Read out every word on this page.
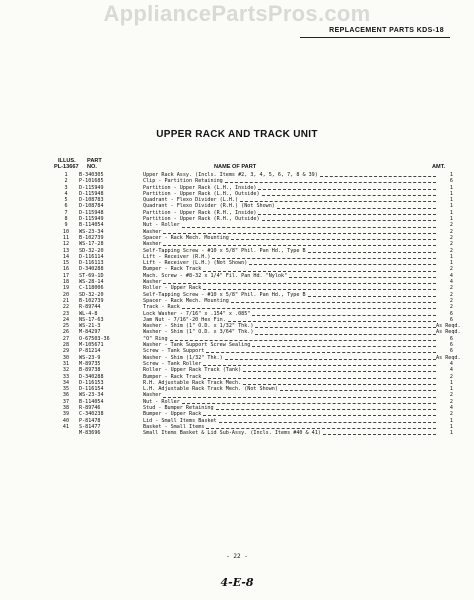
AppliancePartsPros.com
REPLACEMENT PARTS KDS-18
UPPER RACK AND TRACK UNIT
ILLUS.
PL-13667
PART
NO.	NAME OF PART	AMT.
1	B-340305	Upper Rack Assy. (Incls. Items #2, 3, 4, 5, 6, 7, 8 & 39)	1
2	P-101685	Clip - Partition Retaining	6
3	D-115949	Partition - Upper Rack (L.H., Inside)	1
4	D-115948	Partition - Upper Rack (L.H., Outside)	1
5	D-108783	Quadrant - Flexo Divider (L.H.)	1
6	D-108784	Quadrant - Flexo Divider (R.H.) (Not Shown)	1
7	D-115948	Partition - Upper Rack (R.H., Inside)	1
8	D-115949	Partition - Upper Rack (R.H., Outside)	1
9	B-114054	Nut - Roller	2
10	WS-23-34	Washer	2
11	B-102739	Spacer - Rack Mech. Mounting	2
12	WS-17-28	Washer	2
13	SD-32-20	Self-Tapping Screw - #10 x 5/8" Phil. Pan Hd., Type B	2
14	D-116114	Lift - Receiver (R.H.)	1
15	D-116113	Lift - Receiver (L.H.) (Not Shown)	1
16	D-340288	Bumper - Rack Track	2
17	ST-69-1D	Mach. Screw - #8-32 x 1/4" Fil. Pan Hd. "Nylok"	4
18	WS-28-14	Washer	4
19	C-118006	Roller - Upper Rack	2
20	SD-32-20	Self-Tapping Screw - #10 x 5/8" Phil. Pan Hd., Type B	2
21	B-102739	Spacer - Rack Mech. Mounting	2
22	R-89744	Track - Rack	2
23	WL-4-8	Lock Washer - 7/16" x .154" x .085"	6
24	NS-17-63	Jam Nut - 7/16"-20 Hex Fin.	6
25	WS-21-3	Washer - Shim (1" O.D. x 1/32" Thk.)	As Reqd.
26	M-84297	Washer - Shim (1" O.D. x 3/64" Thk.)	As Reqd.
27	O-67503-36	"O" Ring	6
28	M-105671	Washer - Tank Support Screw Sealing	6
29	P-81214	Screw - Tank Support	6
30	WS-23-9	Washer - Shim (1/32" Thk.)	As Reqd.
31	M-89735	Screw - Tank Roller	4
32	B-89738	Roller - Upper Rack Track (Tank)	4
33	D-340288	Bumper - Rack Track	2
34	D-116153	R.H. Adjustable Rack Track Mech.	1
35	D-116154	L.H. Adjustable Rack Track Mech. (Not Shown)	1
36	WS-23-34	Washer	2
37	B-114054	Nut - Roller	2
38	R-89746	Stud - Bumper Retaining	4
39	C-340238	Bumper - Upper Rack	2
40	P-81478	Lid - Small Items Basket	1
41	S-81477	Basket - Small Items	1
	M-83696	Small Items Basket & Lid Sub-Assy. (Incls. Items #40 & 41)	1
- 22 -
4-E-8
